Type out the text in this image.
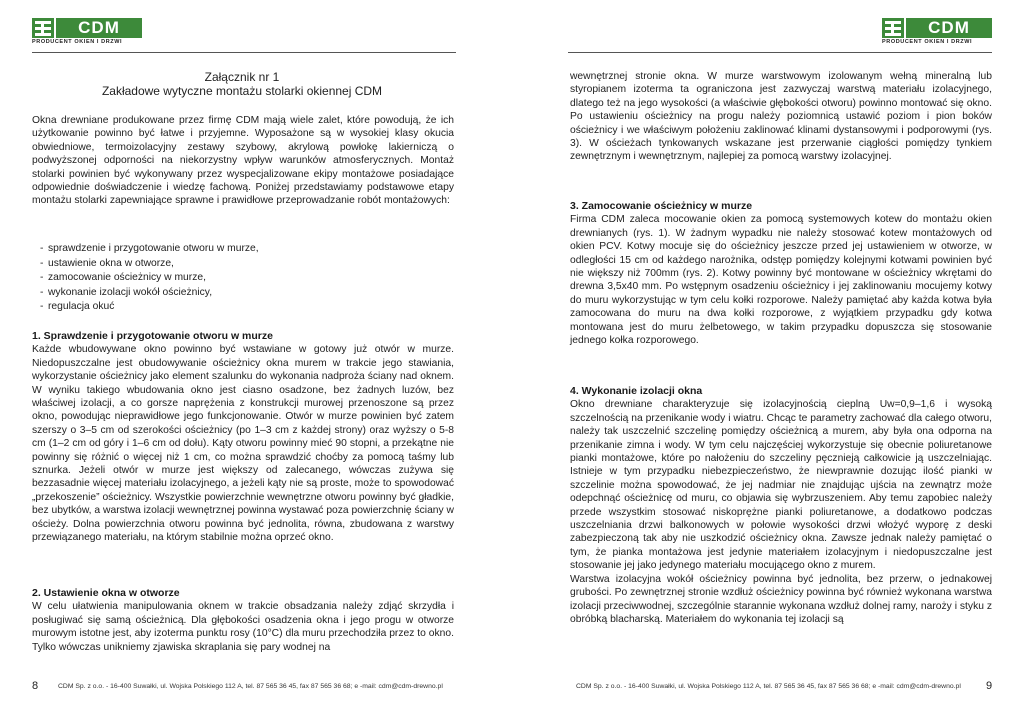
CDM
PRODUCENT OKIEN I DRZWI
Załącznik nr 1
Zakładowe wytyczne montażu stolarki okiennej CDM

Okna drewniane produkowane przez firmę CDM mają wiele zalet, które powodują, że ich użytkowanie powinno być łatwe i przyjemne. Wyposażone są w wysokiej klasy okucia obwiedniowe, termoizolacyjny zestawy szybowy, akrylową powłokę lakierniczą o podwyższonej odporności na niekorzystny wpływ warunków atmosferycznych. Montaż stolarki powinien być wykonywany przez wyspecjalizowane ekipy montażowe posiadające odpowiednie doświadczenie i wiedzę fachową. Poniżej przedstawiamy podstawowe etapy montażu stolarki zapewniające sprawne i prawidłowe przeprowadzanie robót montażowych:

- sprawdzenie i przygotowanie otworu w murze,
- ustawienie okna w otworze,
- zamocowanie ościeżnicy w murze,
- wykonanie izolacji wokół ościeżnicy,
- regulacja okuć
1. Sprawdzenie i przygotowanie otworu w murze

Każde wbudowywane okno powinno być wstawiane w gotowy już otwór w murze. Niedopuszczalne jest obudowywanie ościeżnicy okna murem w trakcie jego stawiania, wykorzystanie ościeżnicy jako element szalunku do wykonania nadproża ściany nad oknem. W wyniku takiego wbudowania okno jest ciasno osadzone, bez żadnych luzów, bez właściwej izolacji, a co gorsze naprężenia z konstrukcji murowej przenoszone są przez okno, powodując nieprawidłowe jego funkcjonowanie. Otwór w murze powinien być zatem szerszy o 3–5 cm od szerokości ościeżnicy (po 1–3 cm z każdej strony) oraz wyższy o 5-8 cm (1–2 cm od góry i 1–6 cm od dołu). Kąty otworu powinny mieć 90 stopni, a przekątne nie powinny się różnić o więcej niż 1 cm, co można sprawdzić choćby za pomocą taśmy lub sznurka. Jeżeli otwór w murze jest większy od zalecanego, wówczas zużywa się bezzasadnie więcej materiału izolacyjnego, a jeżeli kąty nie są proste, może to spowodować „przekoszenie” ościeżnicy. Wszystkie powierzchnie wewnętrzne otworu powinny być gładkie, bez ubytków, a warstwa izolacji wewnętrznej powinna wystawać poza powierzchnię ściany w ościeży. Dolna powierzchnia otworu powinna być jednolita, równa, zbudowana z warstwy przewiązanego materiału, na którym stabilnie można oprzeć okno.

2. Ustawienie okna w otworze

W celu ułatwienia manipulowania oknem w trakcie obsadzania należy zdjąć skrzydła i posługiwać się samą ościeżnicą. Dla głębokości osadzenia okna i jego progu w otworze murowym istotne jest, aby izoterma punktu rosy (10°C) dla muru przechodziła przez to okno. Tylko wówczas unikniemy zjawiska skraplania się pary wodnej na

8	CDM Sp. z o.o. - 16-400 Suwałki, ul. Wojska Polskiego 112 A, tel. 87 565 36 45, fax 87 565 36 68; e -mail: cdm@cdm-drewno.pl
CDM
PRODUCENT OKIEN I DRZWI

wewnętrznej stronie okna. W murze warstwowym izolowanym wełną mineralną lub styropianem izoterma ta ograniczona jest zazwyczaj warstwą materiału izolacyjnego, dlatego też na jego wysokości (a właściwie głębokości otworu) powinno montować się okno. Po ustawieniu ościeżnicy na progu należy poziomnicą ustawić poziom i pion boków ościeżnicy i we właściwym położeniu zaklinować klinami dystansowymi i podporowymi (rys. 3). W ościeżach tynkowanych wskazane jest przerwanie ciągłości pomiędzy tynkiem zewnętrznym i wewnętrznym, najlepiej za pomocą warstwy izolacyjnej.

3. Zamocowanie ościeżnicy w murze

Firma CDM zaleca mocowanie okien za pomocą systemowych kotew do montażu okien drewnianych (rys. 1). W żadnym wypadku nie należy stosować kotew montażowych od okien PCV. Kotwy mocuje się do ościeżnicy jeszcze przed jej ustawieniem w otworze, w odległości 15 cm od każdego narożnika, odstęp pomiędzy kolejnymi kotwami powinien być nie większy niż 700mm (rys. 2). Kotwy powinny być montowane w ościeżnicy wkrętami do drewna 3,5x40 mm. Po wstępnym osadzeniu ościeżnicy i jej zaklinowaniu mocujemy kotwy do muru wykorzystując w tym celu kołki rozporowe. Należy pamiętać aby każda kotwa była zamocowana do muru na dwa kołki rozporowe, z wyjątkiem przypadku gdy kotwa montowana jest do muru żelbetowego, w takim przypadku dopuszcza się stosowanie jednego kołka rozporowego.

4. Wykonanie izolacji okna

Okno drewniane charakteryzuje się izolacyjnością cieplną Uw=0,9–1,6 i wysoką szczelnością na przenikanie wody i wiatru. Chcąc te parametry zachować dla całego otworu, należy tak uszczelnić szczelinę pomiędzy ościeżnicą a murem, aby była ona odporna na przenikanie zimna i wody. W tym celu najczęściej wykorzystuje się obecnie poliuretanowe pianki montażowe, które po nałożeniu do szczeliny pęcznieją całkowicie ją uszczelniając. Istnieje w tym przypadku niebezpieczeństwo, że niewprawnie dozując ilość pianki w szczelinie można spowodować, że jej nadmiar nie znajdując ujścia na zewnątrz może odepchnąć ościeżnicę od muru, co objawia się wybrzuszeniem. Aby temu zapobiec należy przede wszystkim stosować niskoprężne pianki poliuretanowe, a dodatkowo podczas uszczelniania drzwi balkonowych w połowie wysokości drzwi włożyć wyporę z deski zabezpieczoną tak aby nie uszkodzić ościeżnicy okna. Zawsze jednak należy pamiętać o tym, że pianka montażowa jest jedynie materiałem izolacyjnym i niedopuszczalne jest stosowanie jej jako jedynego materiału mocującego okno z murem.

Warstwa izolacyjna wokół ościeżnicy powinna być jednolita, bez przerw, o jednakowej grubości. Po zewnętrznej stronie wzdłuż ościeżnicy powinna być również wykonana warstwa izolacji przeciwwodnej, szczególnie starannie wykonana wzdłuż dolnej ramy, naroży i styku z obróbką blacharską. Materiałem do wykonania tej izolacji są

CDM Sp. z o.o. - 16-400 Suwałki, ul. Wojska Polskiego 112 A, tel. 87 565 36 45, fax 87 565 36 68; e -mail: cdm@cdm-drewno.pl 9
